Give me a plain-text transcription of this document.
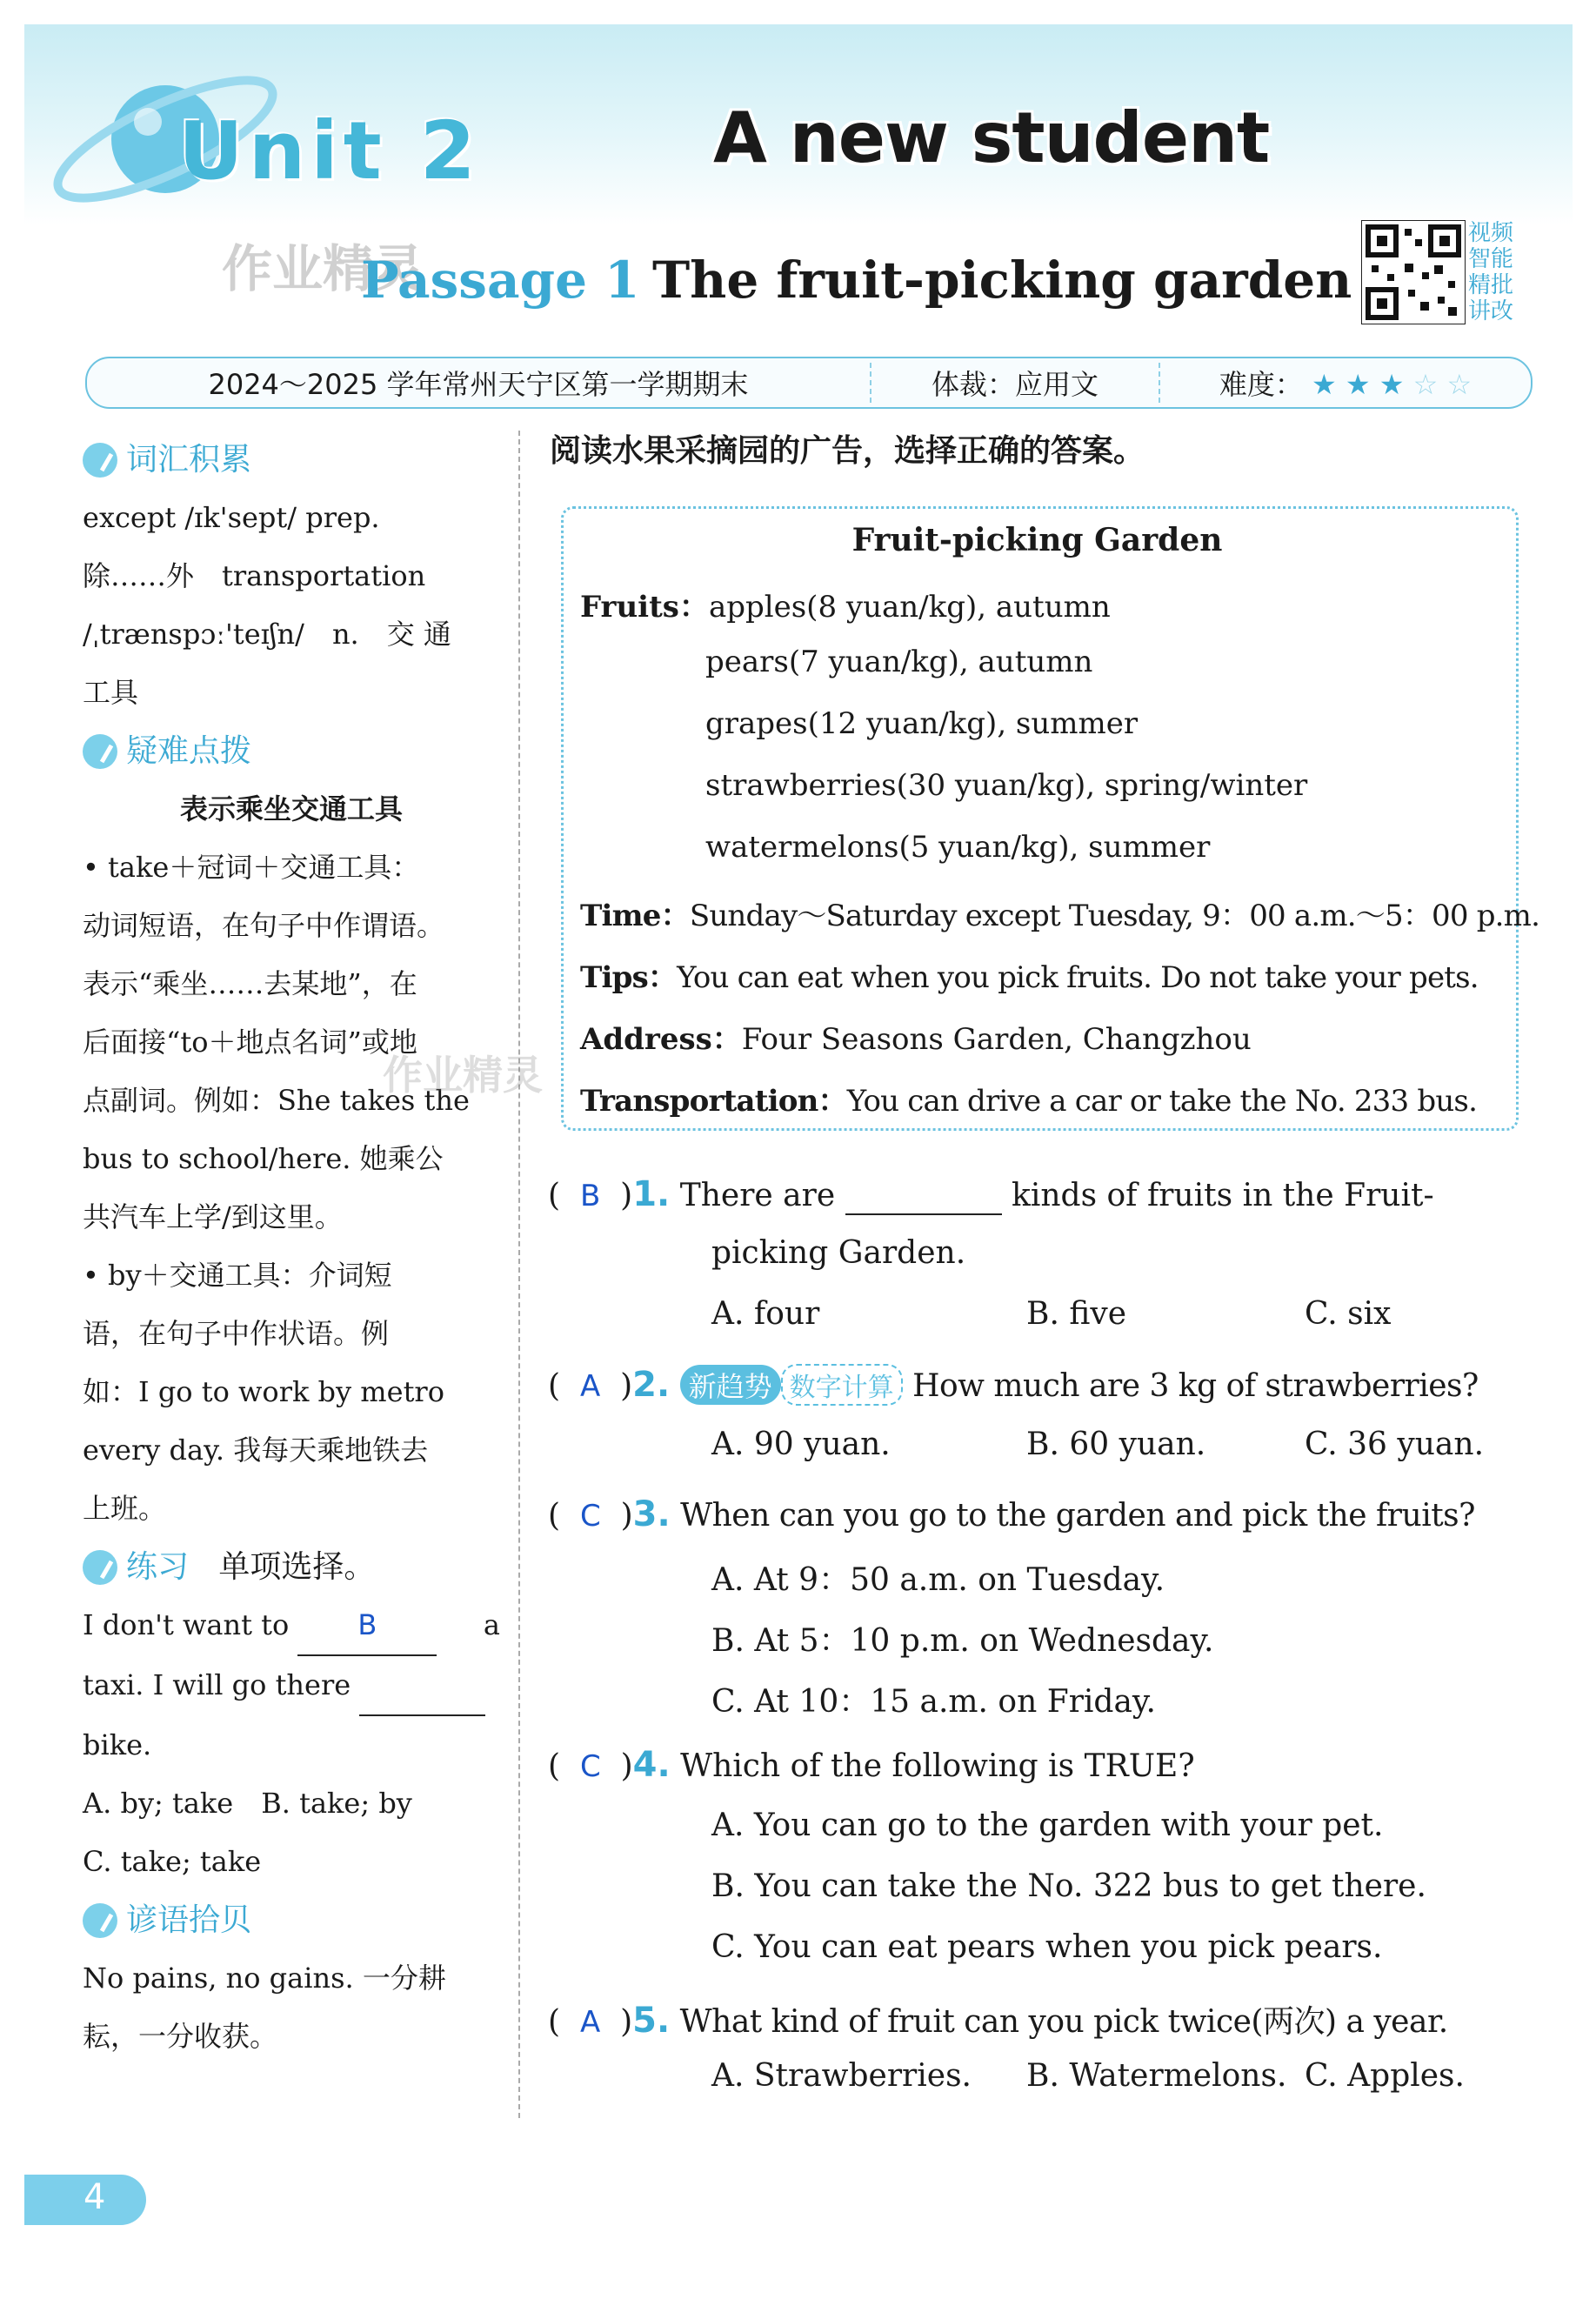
Unit 2	A new student
作业精灵
Passage 1 The fruit-picking garden
视频
智能
精批
讲改
2024～2025 学年常州天宁区第一学期期末	体裁：应用文	难度： ★ ★ ★ ☆ ☆
词汇积累
except /ɪk'sept/ prep.
除……外　transportation
/ˌtrænspɔː'teɪʃn/　n.　交 通
工具
疑难点拨
表示乘坐交通工具
• take＋冠词＋交通工具：
动词短语，在句子中作谓语。
表示“乘坐……去某地”，在
后面接“to＋地点名词”或地
点副词。例如：She takes the
bus to school/here. 她乘公
共汽车上学/到这里。
• by＋交通工具：介词短
语，在句子中作状语。例
如：I go to work by metro
every day. 我每天乘地铁去
上班。
练习
单项选择。
I don't want to B	a
taxi. I will go there
bike.
A. by; take　B. take; by
C. take; take
谚语拾贝
No pains, no gains. 一分耕
耘，一分收获。
阅读水果采摘园的广告，选择正确的答案。
Fruit-picking Garden
Fruits：apples(8 yuan/kg), autumn
pears(7 yuan/kg), autumn
grapes(12 yuan/kg), summer
strawberries(30 yuan/kg), spring/winter
watermelons(5 yuan/kg), summer
Time：Sunday～Saturday except Tuesday, 9：00 a.m.～5：00 p.m.
Tips：You can eat when you pick fruits. Do not take your pets.
Address：Four Seasons Garden, Changzhou
Transportation：You can drive a car or take the No. 233 bus.
作业精灵
(  B  )1. There are	kinds of fruits in the Fruit-
picking Garden.
A. four	B. five	C. six
(  A  )2. 新趋势 数字计算 How much are 3 kg of strawberries?
A. 90 yuan.	B. 60 yuan.	C. 36 yuan.
(  C  )3. When can you go to the garden and pick the fruits?
A. At 9：50 a.m. on Tuesday.
B. At 5：10 p.m. on Wednesday.
C. At 10：15 a.m. on Friday.
(  C  )4. Which of the following is TRUE?
A. You can go to the garden with your pet.
B. You can take the No. 322 bus to get there.
C. You can eat pears when you pick pears.
(  A  )5. What kind of fruit can you pick twice(两次) a year.
A. Strawberries. B. Watermelons. C. Apples.
4
